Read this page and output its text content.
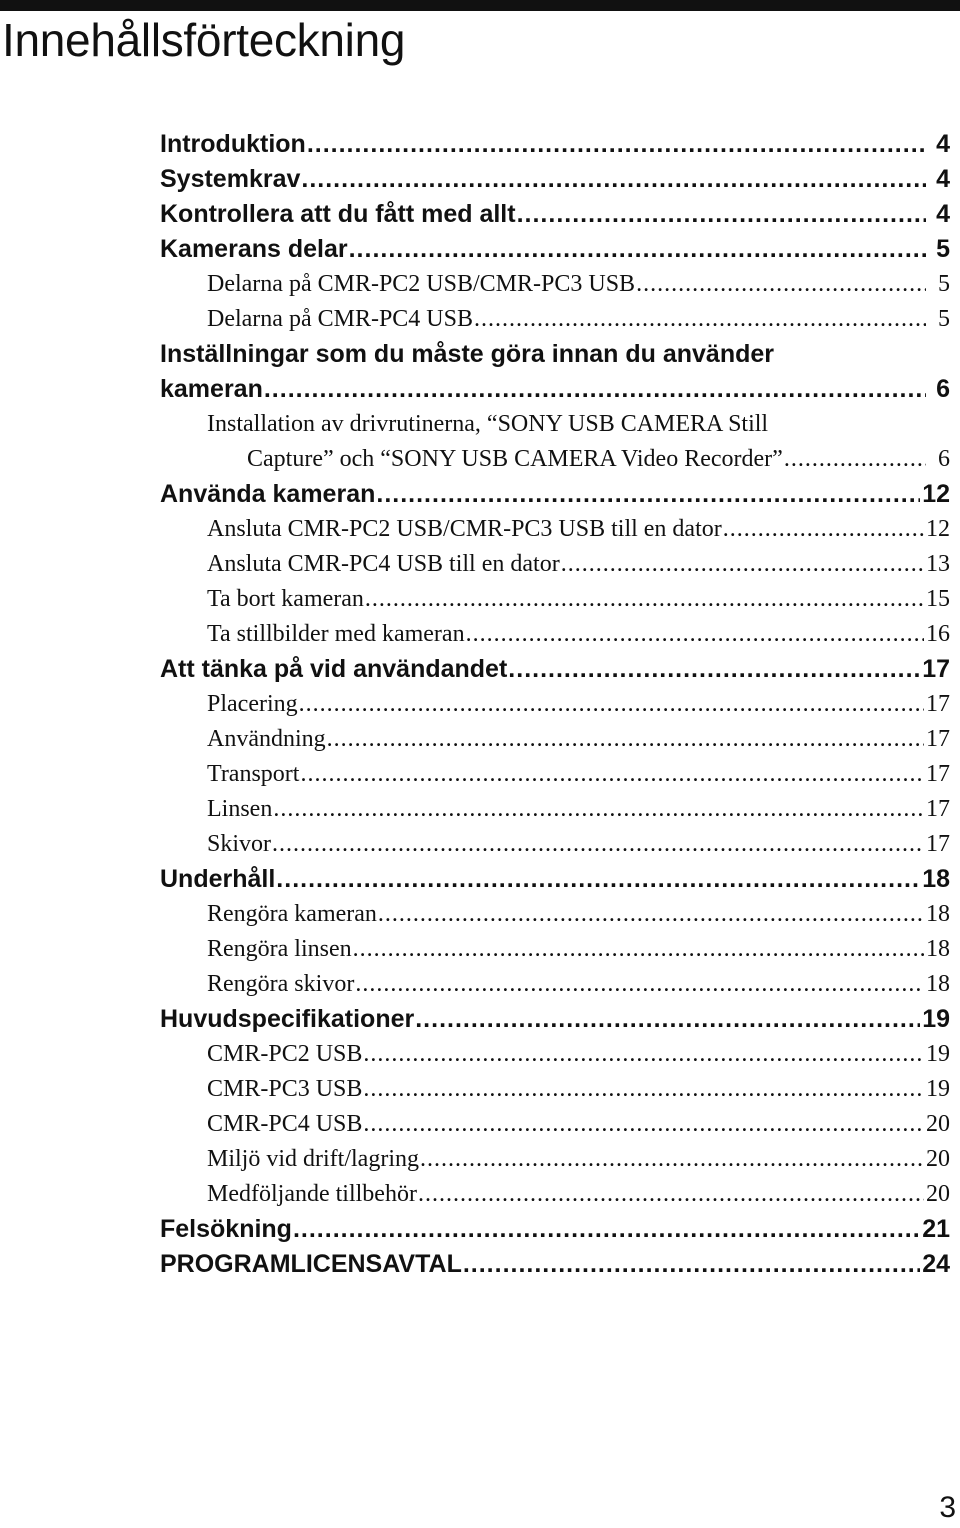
Innehållsförteckning
Introduktion .....	4
Systemkrav .....	4
Kontrollera att du fått med allt .....	4
Kamerans delar .....	5
Delarna på CMR-PC2 USB/CMR-PC3 USB .....	5
Delarna på CMR-PC4 USB .....	5
Inställningar som du måste göra innan du använder
kameran .....	6
Installation av drivrutinerna, “SONY USB CAMERA Still
Capture” och “SONY USB CAMERA Video Recorder” .....	6
Använda kameran .....	12
Ansluta CMR-PC2 USB/CMR-PC3 USB till en dator .....	12
Ansluta CMR-PC4 USB till en dator .....	13
Ta bort kameran .....	15
Ta stillbilder med kameran .....	16
Att tänka på vid användandet .....	17
Placering .....	17
Användning .....	17
Transport .....	17
Linsen .....	17
Skivor .....	17
Underhåll .....	18
Rengöra kameran .....	18
Rengöra linsen .....	18
Rengöra skivor .....	18
Huvudspecifikationer .....	19
CMR-PC2 USB .....	19
CMR-PC3 USB .....	19
CMR-PC4 USB .....	20
Miljö vid drift/lagring .....	20
Medföljande tillbehör .....	20
Felsökning .....	21
PROGRAMLICENSAVTAL .....	24
3
